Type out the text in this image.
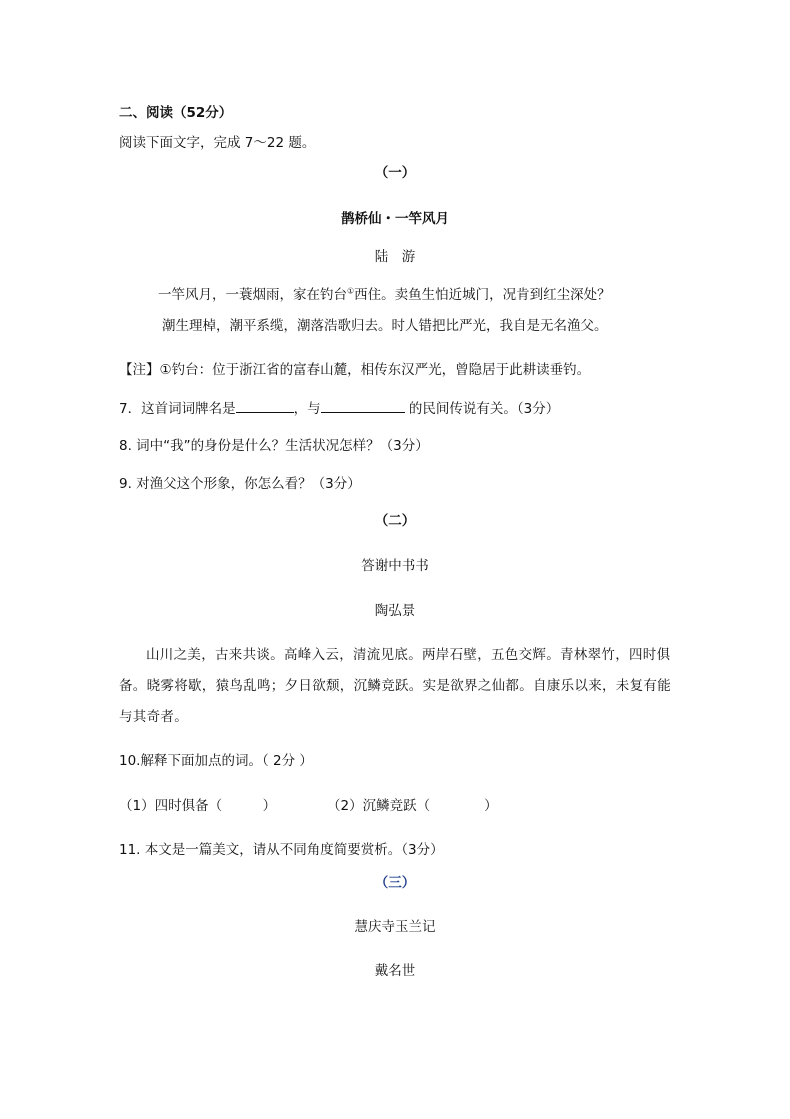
二、阅读（52分）
阅读下面文字，完成 7～22 题。
（一）
鹊桥仙・一竿风月
陆　游
一竿风月，一蓑烟雨，家在钓台①西住。卖鱼生怕近城门，况肯到红尘深处？
潮生理棹，潮平系缆，潮落浩歌归去。时人错把比严光，我自是无名渔父。
【注】①钓台：位于浙江省的富春山麓，相传东汉严光，曾隐居于此耕读垂钓。
7．这首词词牌名是	，与	的民间传说有关。（3分）
8. 词中“我”的身份是什么？生活状况怎样？（3分）
9. 对渔父这个形象，你怎么看？（3分）
（二）
答谢中书书
陶弘景
山川之美，古来共谈。高峰入云，清流见底。两岸石壁，五色交辉。青林翠竹，四时俱备。晓雾将歇，猿鸟乱鸣；夕日欲颓，沉鳞竞跃。实是欲界之仙都。自康乐以来，未复有能与其奇者。
10.解释下面加点的词。（ 2分 ）
（1）四时俱备（　　　）	（2）沉鳞竞跃（　　　　）
11. 本文是一篇美文，请从不同角度简要赏析。（3分）
（三）
慧庆寺玉兰记
戴名世
